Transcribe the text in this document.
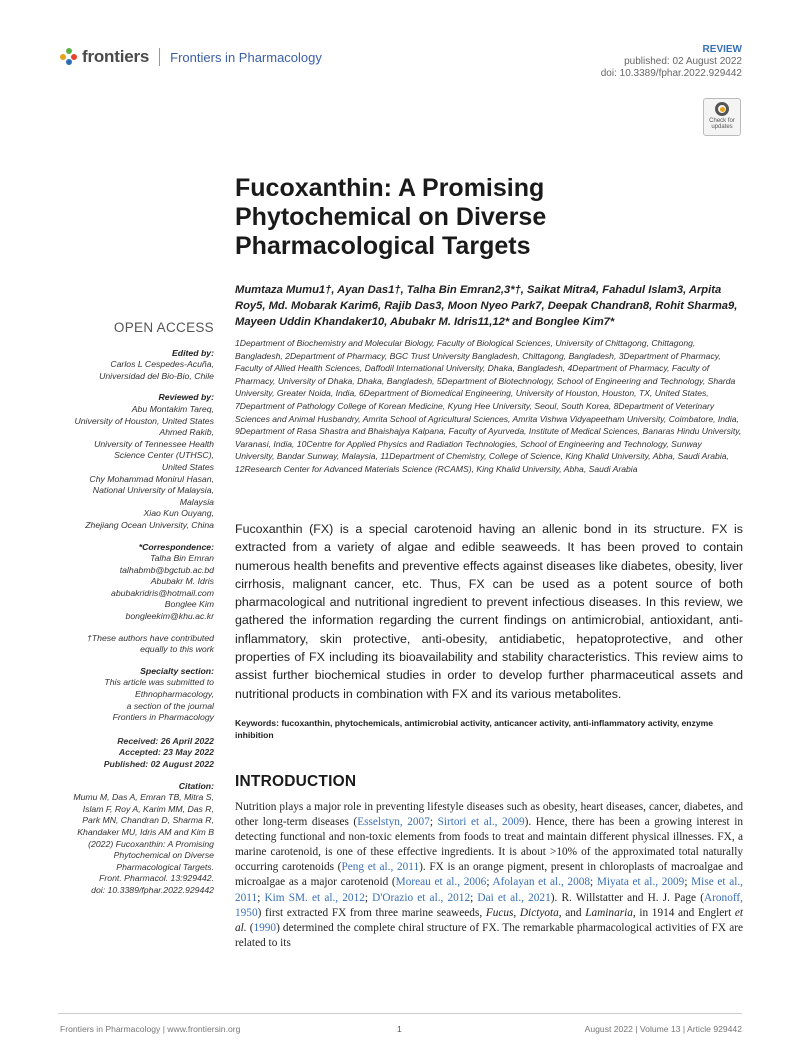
frontiers Frontiers in Pharmacology	REVIEW
published: 02 August 2022
doi: 10.3389/fphar.2022.929442
Check for
updates
Fucoxanthin: A Promising Phytochemical on Diverse Pharmacological Targets
Mumtaza Mumu1†, Ayan Das1†, Talha Bin Emran2,3*†, Saikat Mitra4, Fahadul Islam3, Arpita Roy5, Md. Mobarak Karim6, Rajib Das3, Moon Nyeo Park7, Deepak Chandran8, Rohit Sharma9, Mayeen Uddin Khandaker10, Abubakr M. Idris11,12* and Bonglee Kim7*
1Department of Biochemistry and Molecular Biology, Faculty of Biological Sciences, University of Chittagong, Chittagong, Bangladesh, 2Department of Pharmacy, BGC Trust University Bangladesh, Chittagong, Bangladesh, 3Department of Pharmacy, Faculty of Allied Health Sciences, Daffodil International University, Dhaka, Bangladesh, 4Department of Pharmacy, Faculty of Pharmacy, University of Dhaka, Dhaka, Bangladesh, 5Department of Biotechnology, School of Engineering and Technology, Sharda University, Greater Noida, India, 6Department of Biomedical Engineering, University of Houston, Houston, TX, United States, 7Department of Pathology College of Korean Medicine, Kyung Hee University, Seoul, South Korea, 8Department of Veterinary Sciences and Animal Husbandry, Amrita School of Agricultural Sciences, Amrita Vishwa Vidyapeetham University, Coimbatore, India, 9Department of Rasa Shastra and Bhaishajya Kalpana, Faculty of Ayurveda, Institute of Medical Sciences, Banaras Hindu University, Varanasi, India, 10Centre for Applied Physics and Radiation Technologies, School of Engineering and Technology, Sunway University, Bandar Sunway, Malaysia, 11Department of Chemistry, College of Science, King Khalid University, Abha, Saudi Arabia, 12Research Center for Advanced Materials Science (RCAMS), King Khalid University, Abha, Saudi Arabia
OPEN ACCESS
Edited by:
Carlos L Cespedes-Acuña,
Universidad del Bio-Bio, Chile
Reviewed by:
Abu Montakim Tareq,
University of Houston, United States
Ahmed Rakib,
University of Tennessee Health
Science Center (UTHSC),
United States
Chy Mohammad Monirul Hasan,
National University of Malaysia,
Malaysia
Xiao Kun Ouyang,
Zhejiang Ocean University, China
*Correspondence:
Talha Bin Emran
talhabmb@bgctub.ac.bd
Abubakr M. Idris
abubakridris@hotmail.com
Bonglee Kim
bongleekim@khu.ac.kr
†These authors have contributed
equally to this work
Specialty section:
This article was submitted to
Ethnopharmacology,
a section of the journal
Frontiers in Pharmacology
Received: 26 April 2022
Accepted: 23 May 2022
Published: 02 August 2022
Citation:
Mumu M, Das A, Emran TB, Mitra S,
Islam F, Roy A, Karim MM, Das R,
Park MN, Chandran D, Sharma R,
Khandaker MU, Idris AM and Kim B
(2022) Fucoxanthin: A Promising
Phytochemical on Diverse
Pharmacological Targets.
Front. Pharmacol. 13:929442.
doi: 10.3389/fphar.2022.929442

Fucoxanthin (FX) is a special carotenoid having an allenic bond in its structure. FX is extracted from a variety of algae and edible seaweeds. It has been proved to contain numerous health benefits and preventive effects against diseases like diabetes, obesity, liver cirrhosis, malignant cancer, etc. Thus, FX can be used as a potent source of both pharmacological and nutritional ingredient to prevent infectious diseases. In this review, we gathered the information regarding the current findings on antimicrobial, antioxidant, anti-inflammatory, skin protective, anti-obesity, antidiabetic, hepatoprotective, and other properties of FX including its bioavailability and stability characteristics. This review aims to assist further biochemical studies in order to develop further pharmaceutical assets and nutritional products in combination with FX and its various metabolites.

Keywords: fucoxanthin, phytochemicals, antimicrobial activity, anticancer activity, anti-inflammatory activity, enzyme inhibition
INTRODUCTION

Nutrition plays a major role in preventing lifestyle diseases such as obesity, heart diseases, cancer, diabetes, and other long-term diseases (Esselstyn, 2007; Sirtori et al., 2009). Hence, there has been a growing interest in detecting functional and non-toxic elements from foods to treat and maintain different physical illnesses. FX, a marine carotenoid, is one of these effective ingredients. It is about >10% of the approximated total naturally occurring carotenoids (Peng et al., 2011). FX is an orange pigment, present in chloroplasts of macroalgae and microalgae as a major carotenoid (Moreau et al., 2006; Afolayan et al., 2008; Miyata et al., 2009; Mise et al., 2011; Kim SM. et al., 2012; D'Orazio et al., 2012; Dai et al., 2021). R. Willstatter and H. J. Page (Aronoff, 1950) first extracted FX from three marine seaweeds, Fucus, Dictyota, and Laminaria, in 1914 and Englert et al. (1990) determined the complete chiral structure of FX. The remarkable pharmacological activities of FX are related to its

Frontiers in Pharmacology | www.frontiersin.org	1	August 2022 | Volume 13 | Article 929442
